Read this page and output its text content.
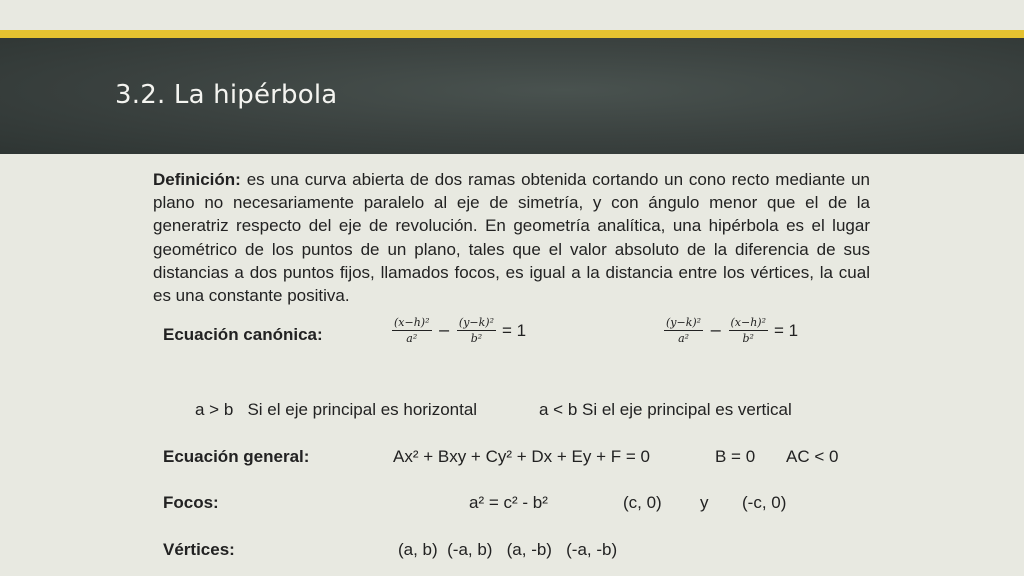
3.2. La hipérbola
Definición: es una curva abierta de dos ramas obtenida cortando un cono recto mediante un plano no necesariamente paralelo al eje de simetría, y con ángulo menor que el de la generatriz respecto del eje de revolución. En geometría analítica, una hipérbola es el lugar geométrico de los puntos de un plano, tales que el valor absoluto de la diferencia de sus distancias a dos puntos fijos, llamados focos, es igual a la distancia entre los vértices, la cual es una constante positiva.
Ecuación canónica:	$\frac{\text{(x−h)²}}{\text{a²}} - \frac{\text{(y−k)²}}{\text{b²}} = 1$	$\frac{\text{(y−k)²}}{\text{a²}} - \frac{\text{(x−h)²}}{\text{b²}} = 1$
a > b   Si el eje principal es horizontal	a < b Si el eje principal es vertical
Ecuación general:	Ax² + Bxy + Cy² + Dx + Ey + F = 0	B = 0 AC < 0
Focos:	a² = c² - b²	(c, 0) y (-c, 0)
Vértices:	(a, b)  (-a, b)   (a, -b)   (-a, -b)
